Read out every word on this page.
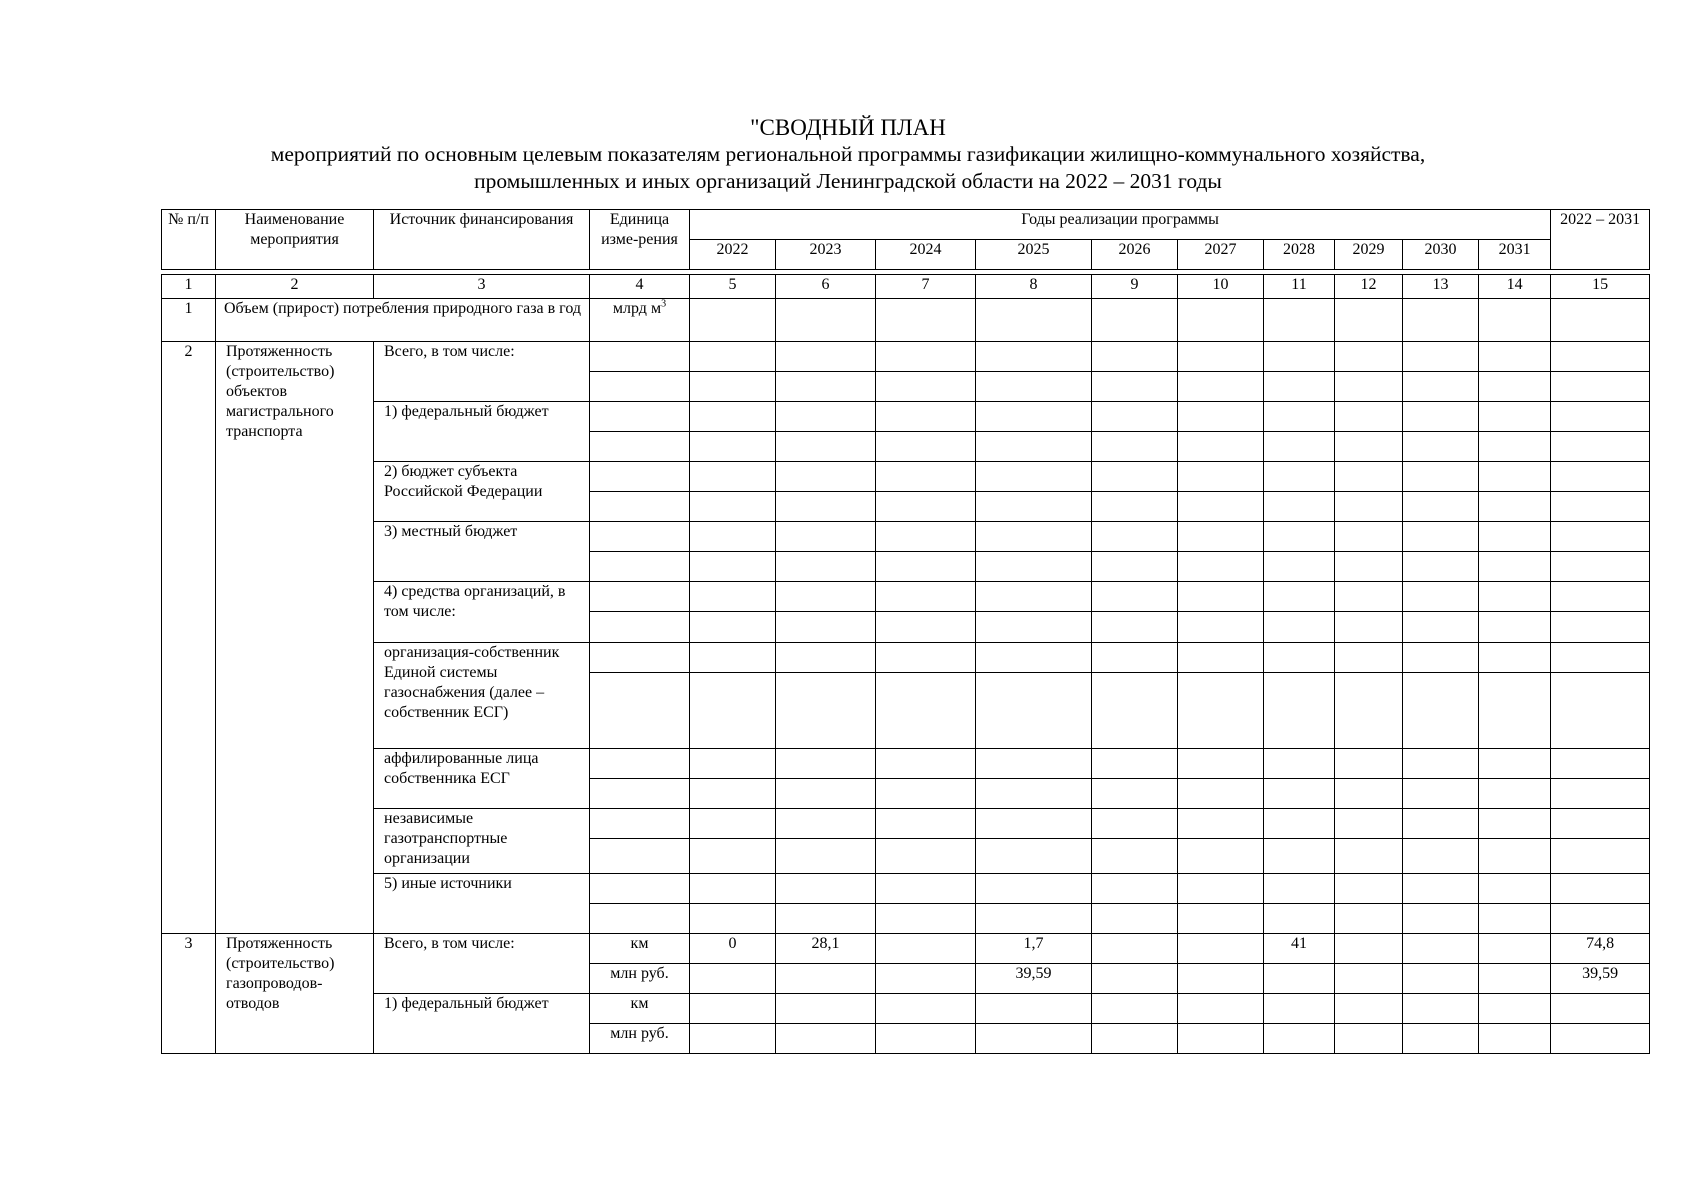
"СВОДНЫЙ ПЛАН
мероприятий по основным целевым показателям региональной программы газификации жилищно-коммунального хозяйства,
промышленных и иных организаций Ленинградской области на 2022 – 2031 годы
№ п/п	Наименование мероприятия	Источник финансирования	Единица изме-рения	Годы реализации программы										2022 – 2031
				2022	2023	2024	2025	2026	2027	2028	2029	2030	2031	

1	2	3	4	5	6	7	8	9	10	11	12	13	14	15
1	Объем (прирост) потребления природного газа в год		млрд $м^3$											
2	Протяженность (строительство) объектов магистрального транспорта	Всего, в том числе:												

		1) федеральный бюджет												

		2) бюджет субъекта Российской Федерации												

		3) местный бюджет												

		4) средства организаций, в том числе:												

		организация-собственник Единой системы газоснабжения (далее – собственник ЕСГ)												

		аффилированные лица собственника ЕСГ												

		независимые газотранспортные организации												

		5) иные источники												

3	Протяженность (строительство) газопроводов-отводов	Всего, в том числе:	км	0	28,1		1,7			41				74,8
			млн руб.				39,59							39,59
		1) федеральный бюджет	км											
			млн руб.											
